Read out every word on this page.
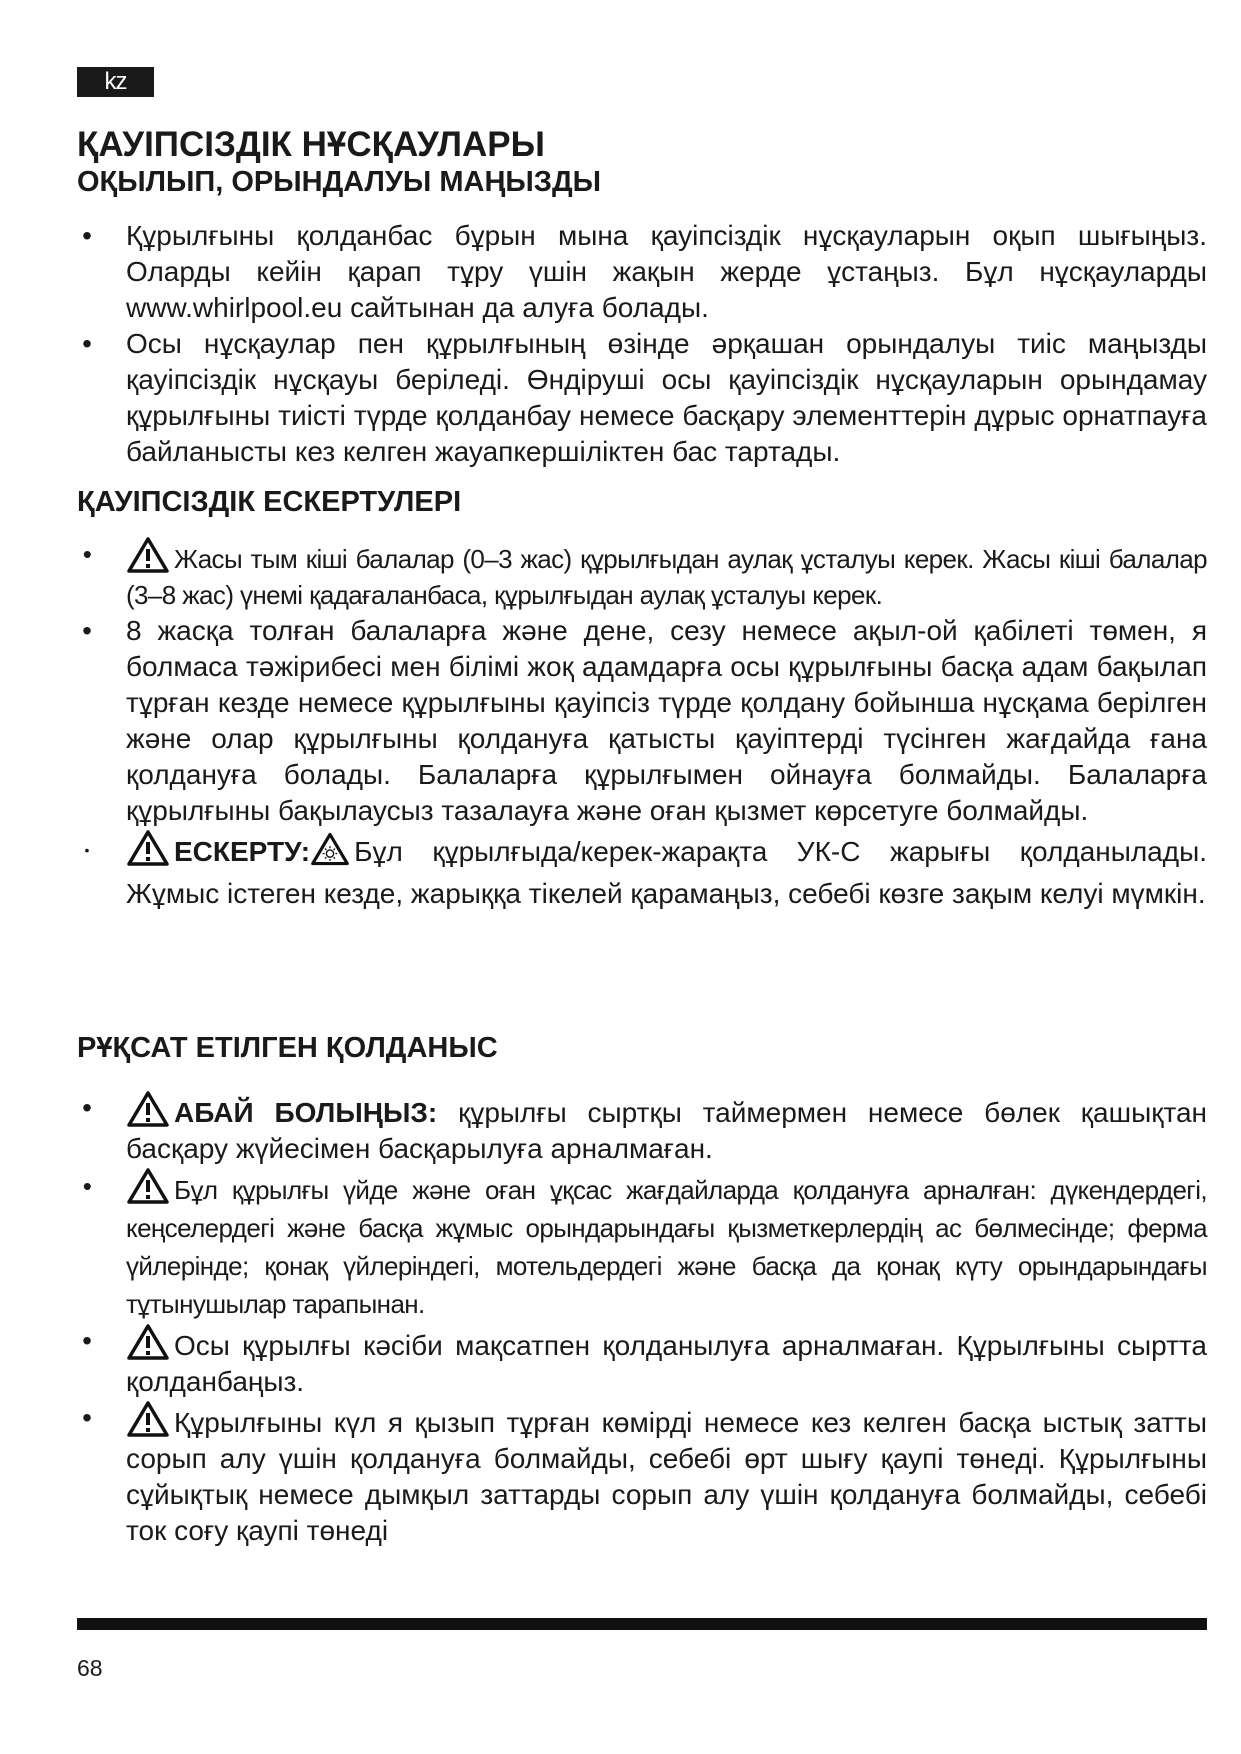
kz
ҚАУІПСІЗДІК НҰСҚАУЛАРЫ
ОҚЫЛЫП, ОРЫНДАЛУЫ МАҢЫЗДЫ
• Құрылғыны қолданбас бұрын мына қауіпсіздік нұсқауларын оқып шығыңыз. Оларды кейін қарап тұру үшін жақын жерде ұстаңыз. Бұл нұсқауларды www.whirlpool.eu сайтынан да алуға болады.
• Осы нұсқаулар пен құрылғының өзінде әрқашан орындалуы тиіс маңызды қауіпсіздік нұсқауы беріледі. Өндіруші осы қауіпсіздік нұсқауларын орындамау құрылғыны тиісті түрде қолданбау немесе басқару элементтерін дұрыс орнатпауға байланысты кез келген жауапкершіліктен бас тартады.
ҚАУІПСІЗДІК ЕСКЕРТУЛЕРІ
•	Жасы тым кіші балалар (0–3 жас) құрылғыдан аулақ ұсталуы керек. Жасы кіші балалар (3–8 жас) үнемі қадағаланбаса, құрылғыдан аулақ ұсталуы керек.
• 8 жасқа толған балаларға және дене, сезу немесе ақыл-ой қабілеті төмен, я болмаса тәжірибесі мен білімі жоқ адамдарға осы құрылғыны басқа адам бақылап тұрған кезде немесе құрылғыны қауіпсіз түрде қолдану бойынша нұсқама берілген және олар құрылғыны қолдануға қатысты қауіптерді түсінген жағдайда ғана қолдануға болады. Балаларға құрылғымен ойнауға болмайды. Балаларға құрылғыны бақылаусыз тазалауға және оған қызмет көрсетуге болмайды.
•	ЕСКЕРТУ: Бұл құрылғыда/керек-жарақта УК-С жарығы қолданылады. Жұмыс істеген кезде, жарыққа тікелей қарамаңыз, себебі көзге зақым келуі мүмкін.
РҰҚСАТ ЕТІЛГЕН ҚОЛДАНЫС
•	АБАЙ БОЛЫҢЫЗ: құрылғы сыртқы таймермен немесе бөлек қашықтан басқару жүйесімен басқарылуға арналмаған.
•	Бұл құрылғы үйде және оған ұқсас жағдайларда қолдануға арналған: дүкендердегі, кеңселердегі және басқа жұмыс орындарындағы қызметкерлердің ас бөлмесінде; ферма үйлерінде; қонақ үйлеріндегі, мотельдердегі және басқа да қонақ күту орындарындағы тұтынушылар тарапынан.
•	Осы құрылғы кәсіби мақсатпен қолданылуға арналмаған. Құрылғыны сыртта қолданбаңыз.
•	Құрылғыны күл я қызып тұрған көмірді немесе кез келген басқа ыстық затты сорып алу үшін қолдануға болмайды, себебі өрт шығу қаупі төнеді. Құрылғыны сұйықтық немесе дымқыл заттарды сорып алу үшін қолдануға болмайды, себебі ток соғу қаупі төнеді
68
